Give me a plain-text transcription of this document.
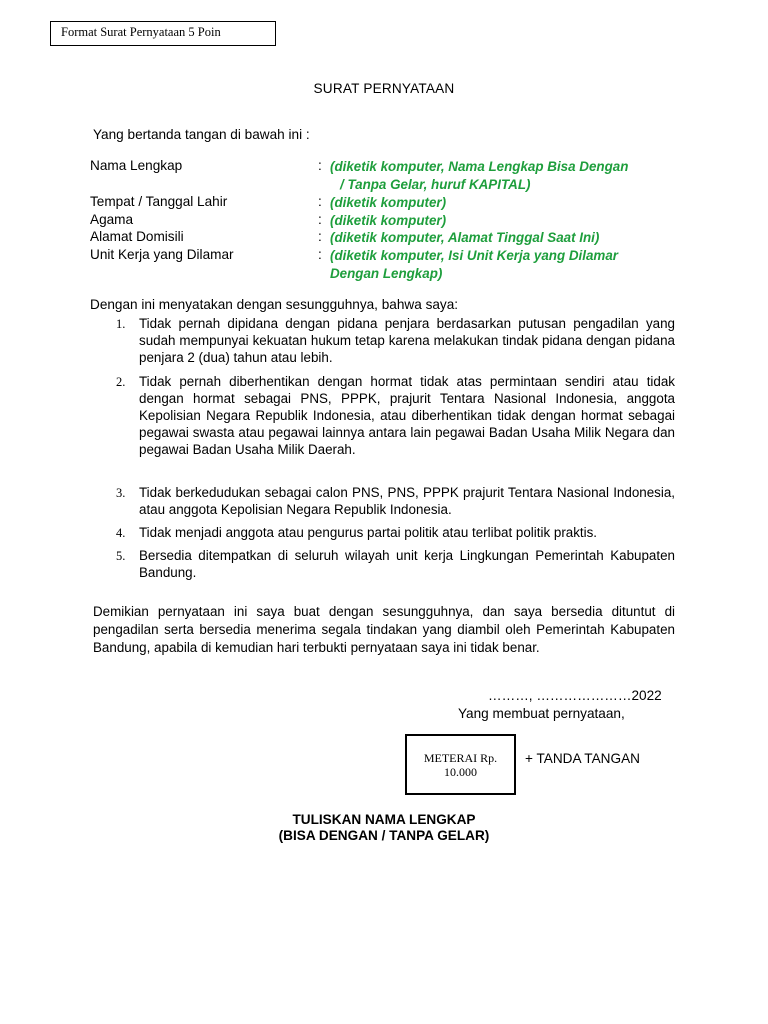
Format Surat Pernyataan 5 Poin
SURAT PERNYATAAN
Yang bertanda tangan di bawah ini :
Nama Lengkap	: (diketik komputer, Nama Lengkap Bisa Dengan
/ Tanpa Gelar, huruf KAPITAL)
Tempat / Tanggal Lahir	: (diketik komputer)
Agama	: (diketik komputer)
Alamat Domisili	: (diketik komputer, Alamat Tinggal Saat Ini)
Unit Kerja yang Dilamar	: (diketik komputer, Isi Unit Kerja yang Dilamar
Dengan Lengkap)
Dengan ini menyatakan dengan sesungguhnya, bahwa saya:
1. Tidak pernah dipidana dengan pidana penjara berdasarkan putusan pengadilan yang sudah mempunyai kekuatan hukum tetap karena melakukan tindak pidana dengan pidana penjara 2 (dua) tahun atau lebih.
2. Tidak pernah diberhentikan dengan hormat tidak atas permintaan sendiri atau tidak dengan hormat sebagai PNS, PPPK, prajurit Tentara Nasional Indonesia, anggota Kepolisian Negara Republik Indonesia, atau diberhentikan tidak dengan hormat sebagai pegawai swasta atau pegawai lainnya antara lain pegawai Badan Usaha Milik Negara dan pegawai Badan Usaha Milik Daerah.
3. Tidak berkedudukan sebagai calon PNS, PNS, PPPK prajurit Tentara Nasional Indonesia, atau anggota Kepolisian Negara Republik Indonesia.
4. Tidak menjadi anggota atau pengurus partai politik atau terlibat politik praktis.
5. Bersedia ditempatkan di seluruh wilayah unit kerja Lingkungan Pemerintah Kabupaten Bandung.
Demikian pernyataan ini saya buat dengan sesungguhnya, dan saya bersedia dituntut di pengadilan serta bersedia menerima segala tindakan yang diambil oleh Pemerintah Kabupaten Bandung, apabila di kemudian hari terbukti pernyataan saya ini tidak benar.
………, …………………2022
Yang membuat pernyataan,
METERAI Rp.
10.000
+ TANDA TANGAN
TULISKAN NAMA LENGKAP
(BISA DENGAN / TANPA GELAR)
